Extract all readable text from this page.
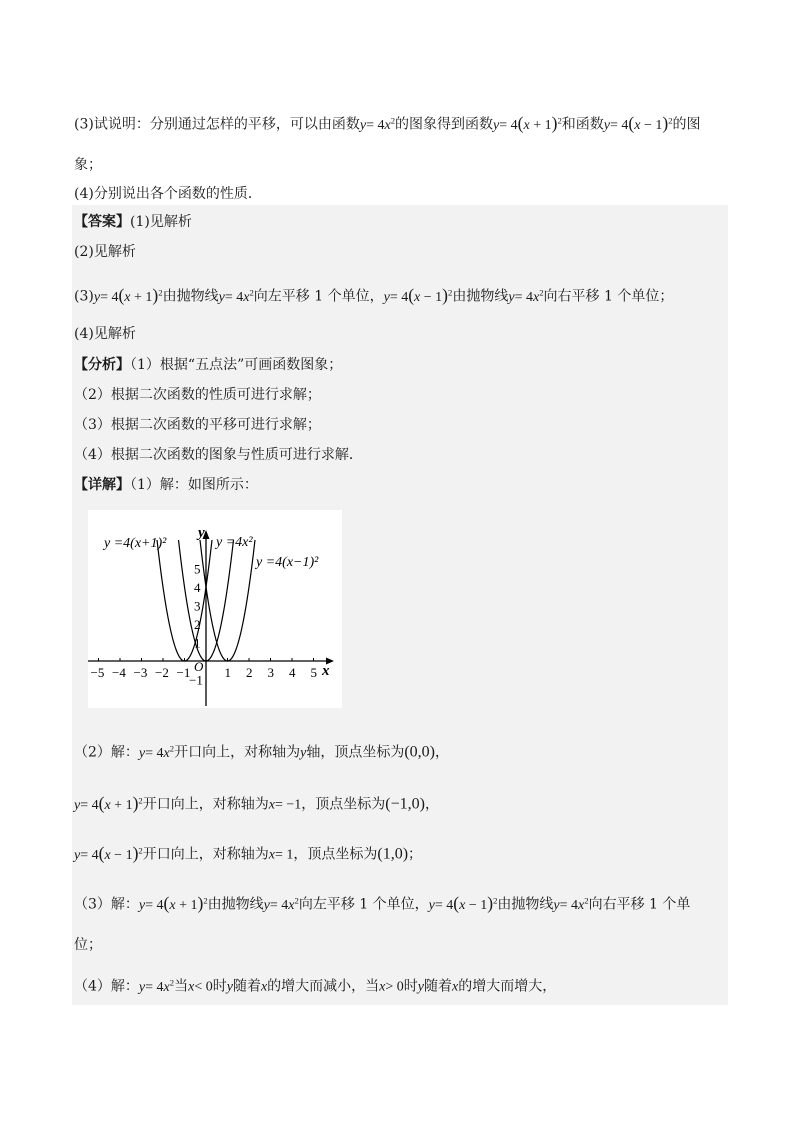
(3)试说明：分别通过怎样的平移，可以由函数$y= 4x^2$的图象得到函数$y= 4(x + 1)^2$和函数$y= 4(x - 1)^2$的图
象；
(4)分别说出各个函数的性质．
【答案】(1)见解析
(2)见解析
$(3)y= 4(x + 1)^2$由抛物线$y= 4x^2$向左平移 1 个单位，$y= 4(x - 1)^2$由抛物线$y= 4x^2$向右平移 1 个单位；
(4)见解析
【分析】（1）根据“五点法”可画函数图象；
（2）根据二次函数的性质可进行求解；
（3）根据二次函数的平移可进行求解；
（4）根据二次函数的图象与性质可进行求解．
【详解】（1）解：如图所示：
−5 −4 −3 −2 −1	1 2 3 4 5
5
4
3
2
1
−1
y
x
O
y =4(x+1)²	y =4x²
y =4(x−1)²
（2）解：$y= 4x^2$开口向上，对称轴为y轴，顶点坐标为(0,0)，
$y= 4(x + 1)^2$开口向上，对称轴为x= −1，顶点坐标为(−1,0)，
$y= 4(x - 1)^2$开口向上，对称轴为x= 1，顶点坐标为(1,0)；
（3）解：$y= 4(x + 1)^2$由抛物线$y= 4x^2$向左平移 1 个单位，$y= 4(x - 1)^2$由抛物线$y= 4x^2$向右平移 1 个单
位；
（4）解：$y= 4x^2$当x< 0时y随着x的增大而减小，当x> 0时y随着x的增大而增大，
